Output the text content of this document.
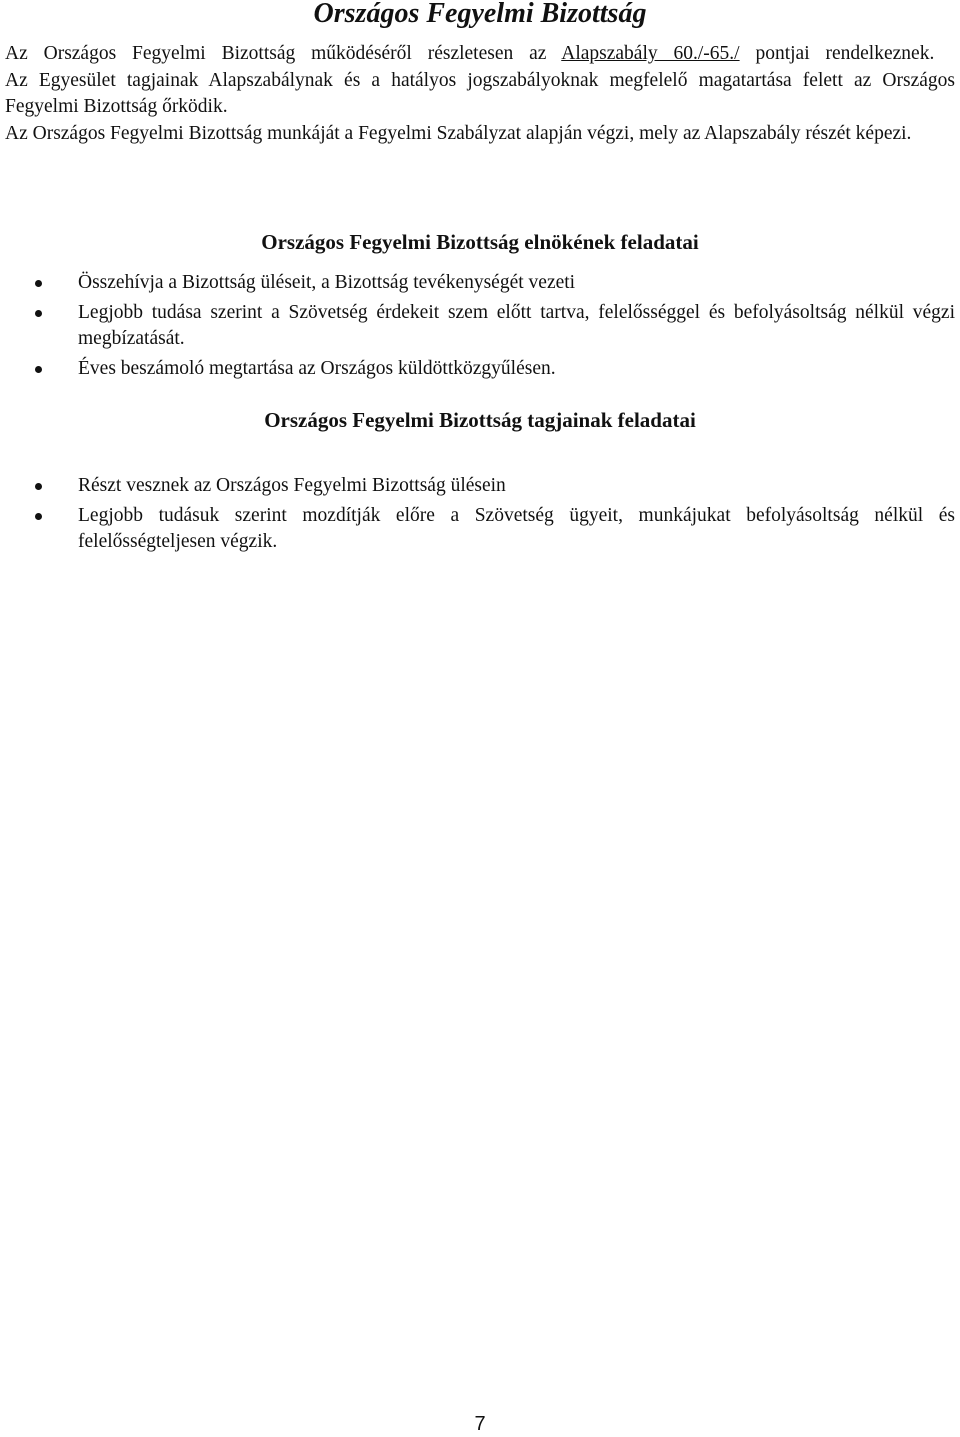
Országos Fegyelmi Bizottság

Az Országos Fegyelmi Bizottság működéséről részletesen az Alapszabály 60./-65./ pontjai rendelkeznek.

Az Egyesület tagjainak Alapszabálynak és a hatályos jogszabályoknak megfelelő magatartása felett az Országos Fegyelmi Bizottság őrködik.

Az Országos Fegyelmi Bizottság munkáját a Fegyelmi Szabályzat alapján végzi, mely az Alapszabály részét képezi.

Országos Fegyelmi Bizottság elnökének feladatai
Összehívja a Bizottság üléseit, a Bizottság tevékenységét vezeti
Legjobb tudása szerint a Szövetség érdekeit szem előtt tartva, felelősséggel és befolyásoltság nélkül végzi megbízatását.
Éves beszámoló megtartása az Országos küldöttközgyűlésen.
Országos Fegyelmi Bizottság tagjainak feladatai
Részt vesznek az Országos Fegyelmi Bizottság ülésein
Legjobb tudásuk szerint mozdítják előre a Szövetség ügyeit, munkájukat befolyásoltság nélkül és felelősségteljesen végzik.
7
